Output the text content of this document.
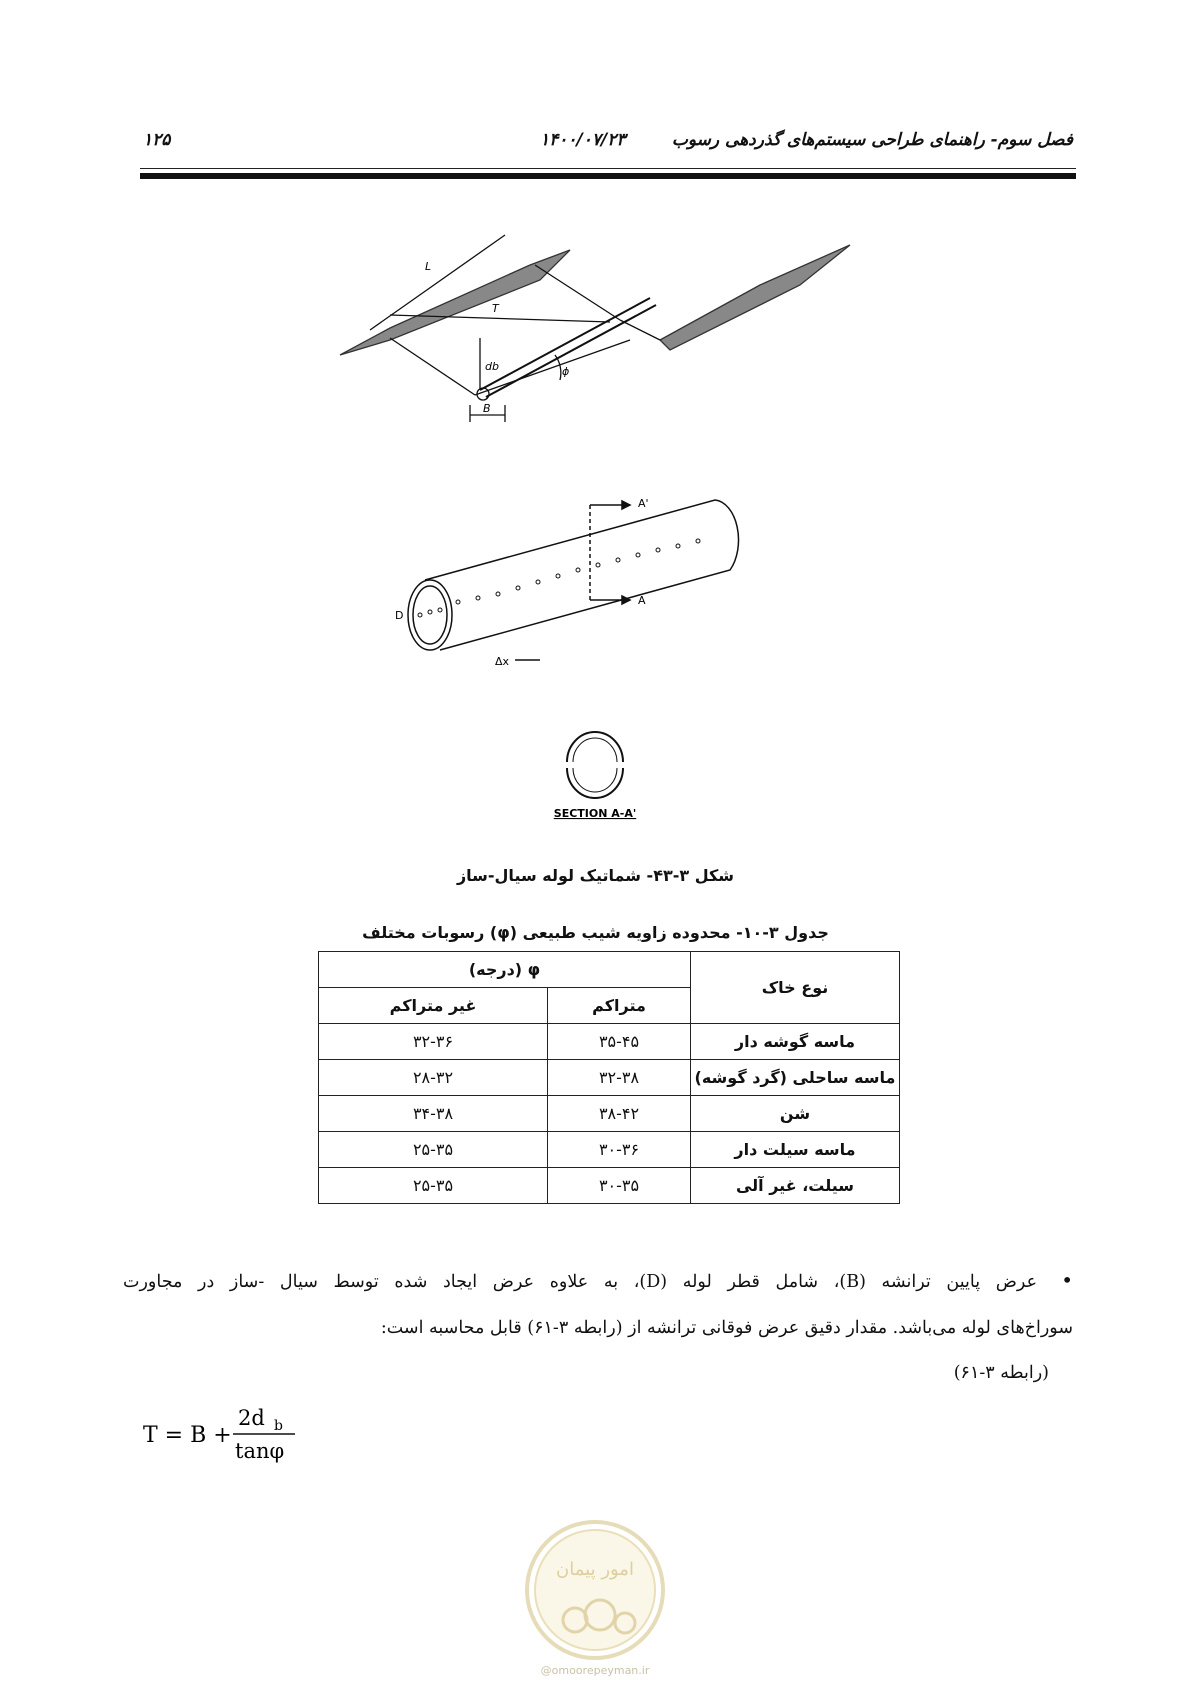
فصل سوم- راهنمای طراحی سیستم‌های گذردهی رسوب
۱۴۰۰/۰۷/۲۳
۱۲۵
L
T
db	ϕ
B
D
A'
A
Δx
SECTION A-A'
شکل ۳-۴۳- شماتیک لوله سیال-ساز
جدول ۳-۱۰- محدوده زاویه شیب طبیعی (φ) رسوبات مختلف
نوع خاک	φ (درجه)	
	متراکم	غیر متراکم
ماسه گوشه دار	۳۵-۴۵	۳۲-۳۶
ماسه ساحلی (گرد گوشه)	۳۲-۳۸	۲۸-۳۲
شن	۳۸-۴۲	۳۴-۳۸
ماسه سیلت دار	۳۰-۳۶	۲۵-۳۵
سیلت، غیر آلی	۳۰-۳۵	۲۵-۳۵
•
عرض پایین ترانشه (B)، شامل قطر لوله (D)، به علاوه عرض ایجاد شده توسط سیال -ساز در مجاورت
سوراخ‌های لوله می‌باشد. مقدار دقیق عرض فوقانی ترانشه از (رابطه ۳-۶۱) قابل محاسبه است:
(رابطه ۳-۶۱)
T = B +
2d b
tanφ
امور پیمان
@omoorepeyman.ir
